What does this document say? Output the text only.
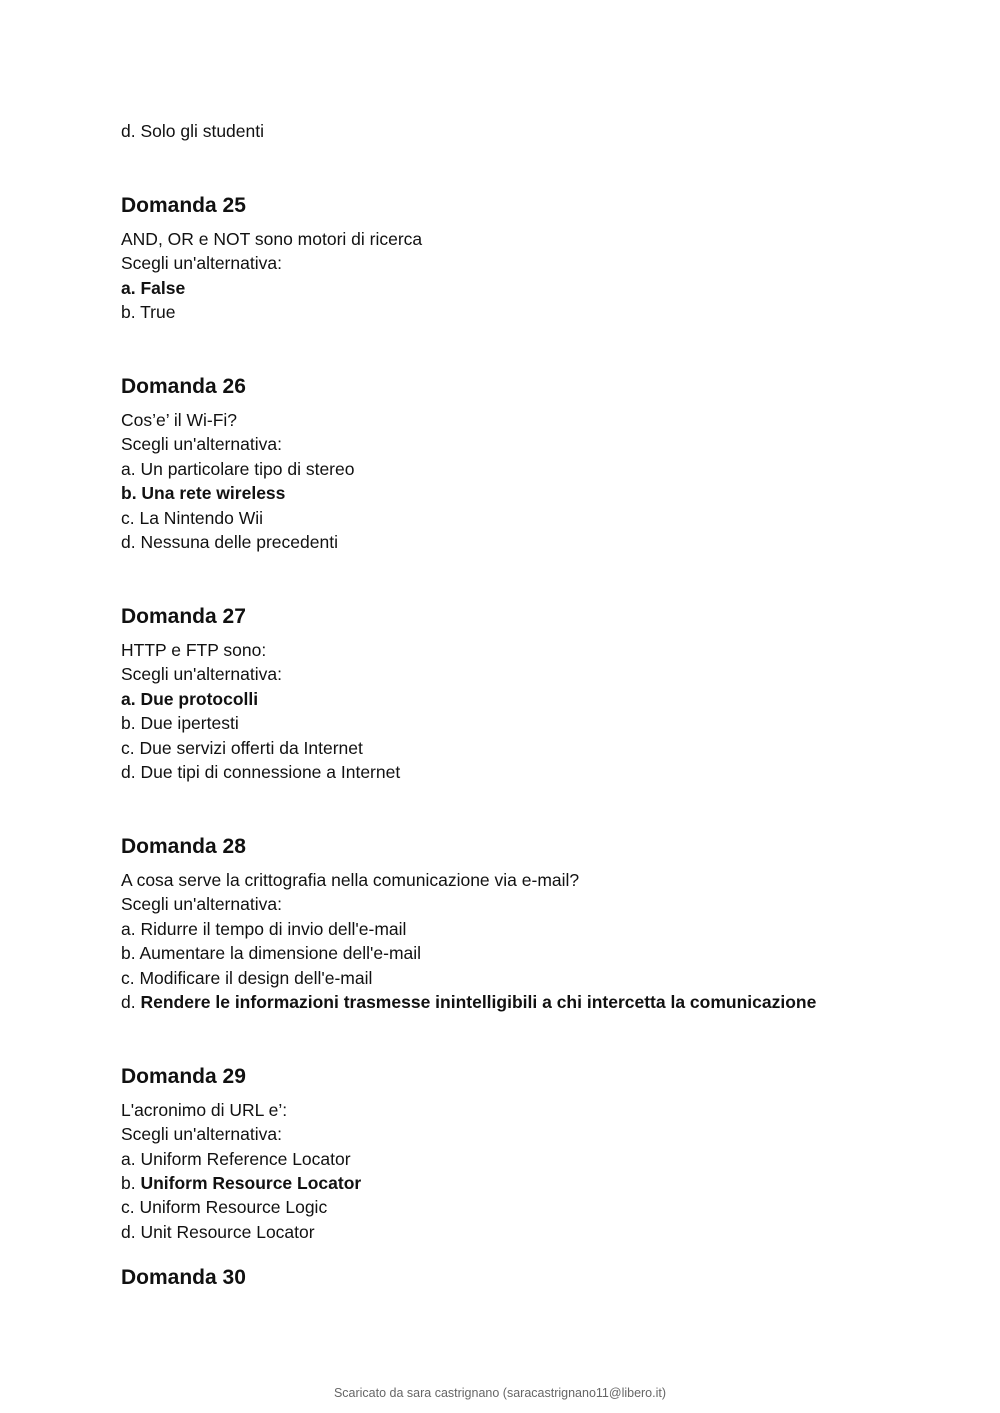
d. Solo gli studenti
Domanda 25
AND, OR e NOT sono motori di ricerca
Scegli un'alternativa:
a. False
b. True
Domanda 26
Cos’e’ il Wi-Fi?
Scegli un'alternativa:
a. Un particolare tipo di stereo
b. Una rete wireless
c. La Nintendo Wii
d. Nessuna delle precedenti
Domanda 27
HTTP e FTP sono:
Scegli un'alternativa:
a. Due protocolli
b. Due ipertesti
c. Due servizi offerti da Internet
d. Due tipi di connessione a Internet
Domanda 28
A cosa serve la crittografia nella comunicazione via e-mail?
Scegli un'alternativa:
a. Ridurre il tempo di invio dell'e-mail
b. Aumentare la dimensione dell'e-mail
c. Modificare il design dell'e-mail
d. Rendere le informazioni trasmesse inintelligibili a chi intercetta la comunicazione
Domanda 29
L'acronimo di URL e’:
Scegli un'alternativa:
a. Uniform Reference Locator
b. Uniform Resource Locator
c. Uniform Resource Logic
d. Unit Resource Locator
Domanda 30
Scaricato da sara castrignano (saracastrignano11@libero.it)
